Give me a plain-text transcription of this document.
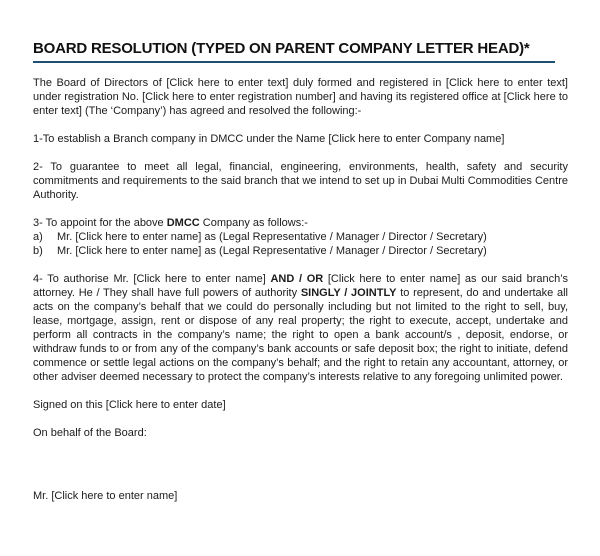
BOARD RESOLUTION (TYPED ON PARENT COMPANY LETTER HEAD)*

The Board of Directors of [Click here to enter text] duly formed and registered in [Click here to enter text] under registration No. [Click here to enter registration number] and having its registered office at [Click here to enter text] (The ‘Company’) has agreed and resolved the following:-

1-To establish a Branch company in DMCC under the Name [Click here to enter Company name]

2- To guarantee to meet all legal, financial, engineering, environments, health, safety and security commitments and requirements to the said branch that we intend to set up in Dubai Multi Commodities Centre Authority.

3- To appoint for the above DMCC Company as follows:-

a)	Mr. [Click here to enter name] as (Legal Representative / Manager / Director / Secretary)
b)	Mr. [Click here to enter name] as (Legal Representative / Manager / Director / Secretary)

4- To authorise Mr. [Click here to enter name] AND / OR [Click here to enter name] as our said branch’s attorney. He / They shall have full powers of authority SINGLY / JOINTLY to represent, do and undertake all acts on the company’s behalf that we could do personally including but not limited to the right to sell, buy, lease, mortgage, assign, rent or dispose of any real property; the right to execute, accept, undertake and perform all contracts in the company’s name; the right to open a bank account/s , deposit, endorse, or withdraw funds to or from any of the company’s bank accounts or safe deposit box; the right to initiate, defend commence or settle legal actions on the company’s behalf; and the right to retain any accountant, attorney, or other adviser deemed necessary to protect the company’s interests relative to any foregoing unlimited power.

Signed on this [Click here to enter date]

On behalf of the Board:

Mr. [Click here to enter name]
